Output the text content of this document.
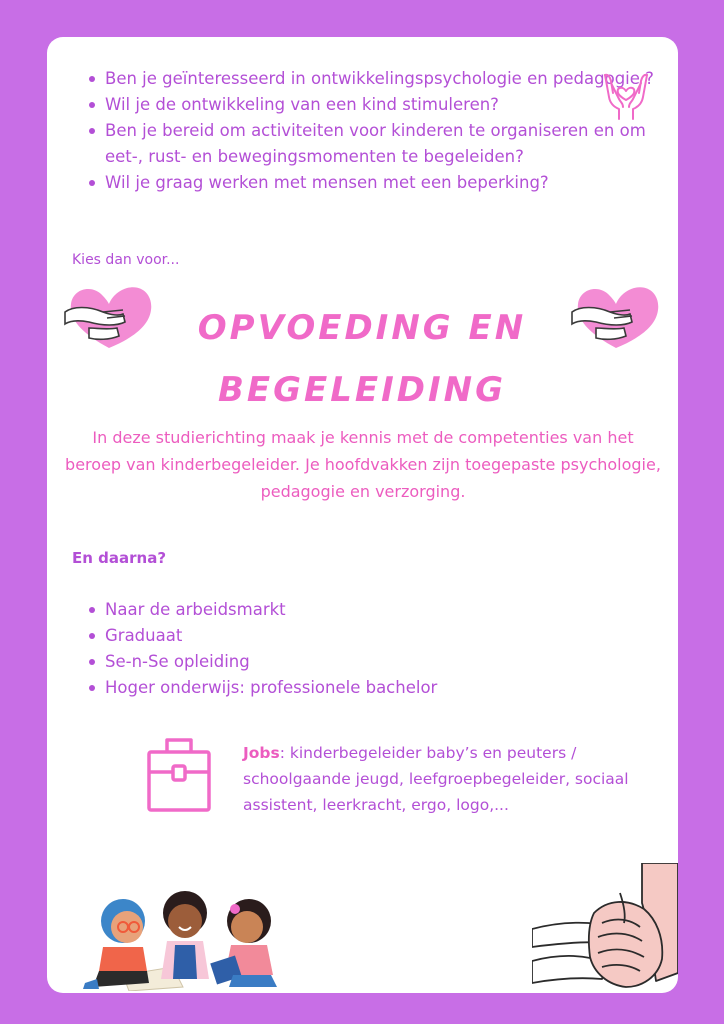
Ben je geïnteresseerd in ontwikkelingspsychologie en pedagogie ?
Wil je de ontwikkeling van een kind stimuleren?
Ben je bereid om activiteiten voor kinderen te organiseren en om eet-, rust- en bewegingsmomenten te begeleiden?
Wil je graag werken met mensen met een beperking?
Kies dan voor...
OPVOEDING EN
BEGELEIDING

In deze studierichting maak je kennis met de competenties van het beroep van kinderbegeleider. Je hoofdvakken zijn toegepaste psychologie, pedagogie en verzorging.

En daarna?
Naar de arbeidsmarkt
Graduaat
Se-n-Se opleiding
Hoger onderwijs: professionele bachelor

Jobs: kinderbegeleider baby’s en peuters / schoolgaande jeugd, leefgroepbegeleider, sociaal assistent, leerkracht, ergo, logo,...
